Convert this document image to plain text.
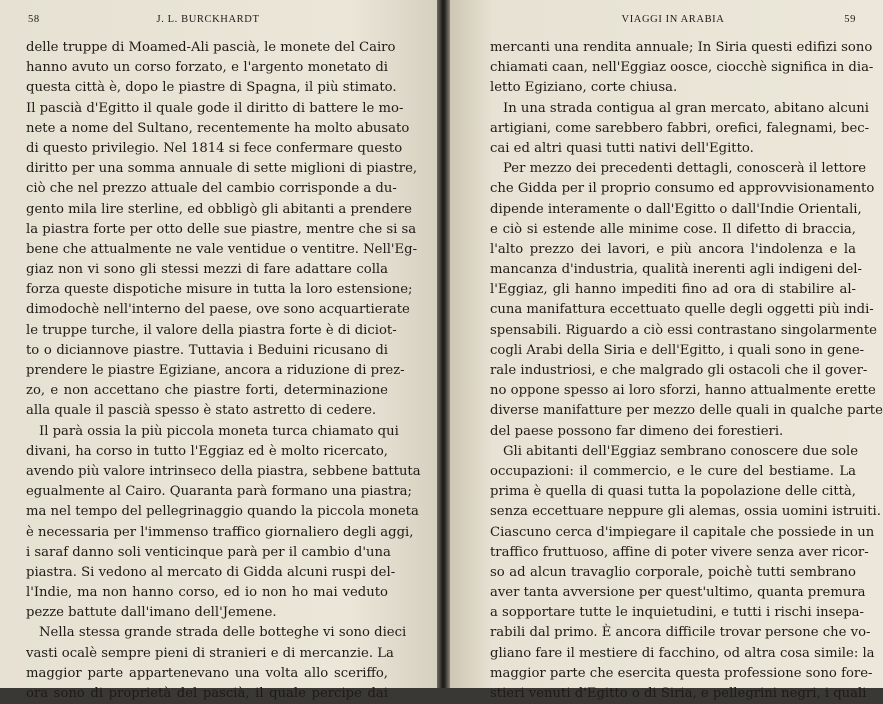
58	J. L. BURCKHARDT
delle truppe di Moamed-Ali pascià, le monete del Cairo
hanno avuto un corso forzato, e l'argento monetato di
questa città è, dopo le piastre di Spagna, il più stimato.
Il pascià d'Egitto il quale gode il diritto di battere le mo-
nete a nome del Sultano, recentemente ha molto abusato
di questo privilegio. Nel 1814 si fece confermare questo
diritto per una somma annuale di sette miglioni di piastre,
ciò che nel prezzo attuale del cambio corrisponde a du-
gento mila lire sterline, ed obbligò gli abitanti a prendere
la piastra forte per otto delle sue piastre, mentre che si sa
bene che attualmente ne vale ventidue o ventitre. Nell'Eg-
giaz non vi sono gli stessi mezzi di fare adattare colla
forza queste dispotiche misure in tutta la loro estensione;
dimodochè nell'interno del paese, ove sono acquartierate
le truppe turche, il valore della piastra forte è di diciot-
to o diciannove piastre. Tuttavia i Beduini ricusano di
prendere le piastre Egiziane, ancora a riduzione di prez-
zo, e non accettano che piastre forti, determinazione
alla quale il pascià spesso è stato astretto di cedere.
Il parà ossia la più piccola moneta turca chiamato qui
divani, ha corso in tutto l'Eggiaz ed è molto ricercato,
avendo più valore intrinseco della piastra, sebbene battuta
egualmente al Cairo. Quaranta parà formano una piastra;
ma nel tempo del pellegrinaggio quando la piccola moneta
è necessaria per l'immenso traffico giornaliero degli aggi,
i saraf danno soli venticinque parà per il cambio d'una
piastra. Si vedono al mercato di Gidda alcuni ruspi del-
l'Indie, ma non hanno corso, ed io non ho mai veduto
pezze battute dall'imano dell'Jemene.
Nella stessa grande strada delle botteghe vi sono dieci
vasti ocalè sempre pieni di stranieri e di mercanzie. La
maggior parte appartenevano una volta allo sceriffo,
ora sono di proprietà del pascià, il quale percipe dai
VIAGGI IN ARABIA	59
mercanti una rendita annuale; In Siria questi edifizi sono
chiamati caan, nell'Eggiaz oosce, ciocchè significa in dia-
letto Egiziano, corte chiusa.
In una strada contigua al gran mercato, abitano alcuni
artigiani, come sarebbero fabbri, orefici, falegnami, bec-
cai ed altri quasi tutti nativi dell'Egitto.
Per mezzo dei precedenti dettagli, conoscerà il lettore
che Gidda per il proprio consumo ed approvvisionamento
dipende interamente o dall'Egitto o dall'Indie Orientali,
e ciò si estende alle minime cose. Il difetto di braccia,
l'alto prezzo dei lavori, e più ancora l'indolenza e la
mancanza d'industria, qualità inerenti agli indigeni del-
l'Eggiaz, gli hanno impediti fino ad ora di stabilire al-
cuna manifattura eccettuato quelle degli oggetti più indi-
spensabili. Riguardo a ciò essi contrastano singolarmente
cogli Arabi della Siria e dell'Egitto, i quali sono in gene-
rale industriosi, e che malgrado gli ostacoli che il gover-
no oppone spesso ai loro sforzi, hanno attualmente erette
diverse manifatture per mezzo delle quali in qualche parte
del paese possono far dimeno dei forestieri.
Gli abitanti dell'Eggiaz sembrano conoscere due sole
occupazioni: il commercio, e le cure del bestiame. La
prima è quella di quasi tutta la popolazione delle città,
senza eccettuare neppure gli alemas, ossia uomini istruiti.
Ciascuno cerca d'impiegare il capitale che possiede in un
traffico fruttuoso, affine di poter vivere senza aver ricor-
so ad alcun travaglio corporale, poichè tutti sembrano
aver tanta avversione per quest'ultimo, quanta premura
a sopportare tutte le inquietudini, e tutti i rischi insepa-
rabili dal primo. È ancora difficile trovar persone che vo-
gliano fare il mestiere di facchino, od altra cosa simile: la
maggior parte che esercita questa professione sono fore-
stieri venuti d'Egitto o di Siria, e pellegrini negri, i quali
